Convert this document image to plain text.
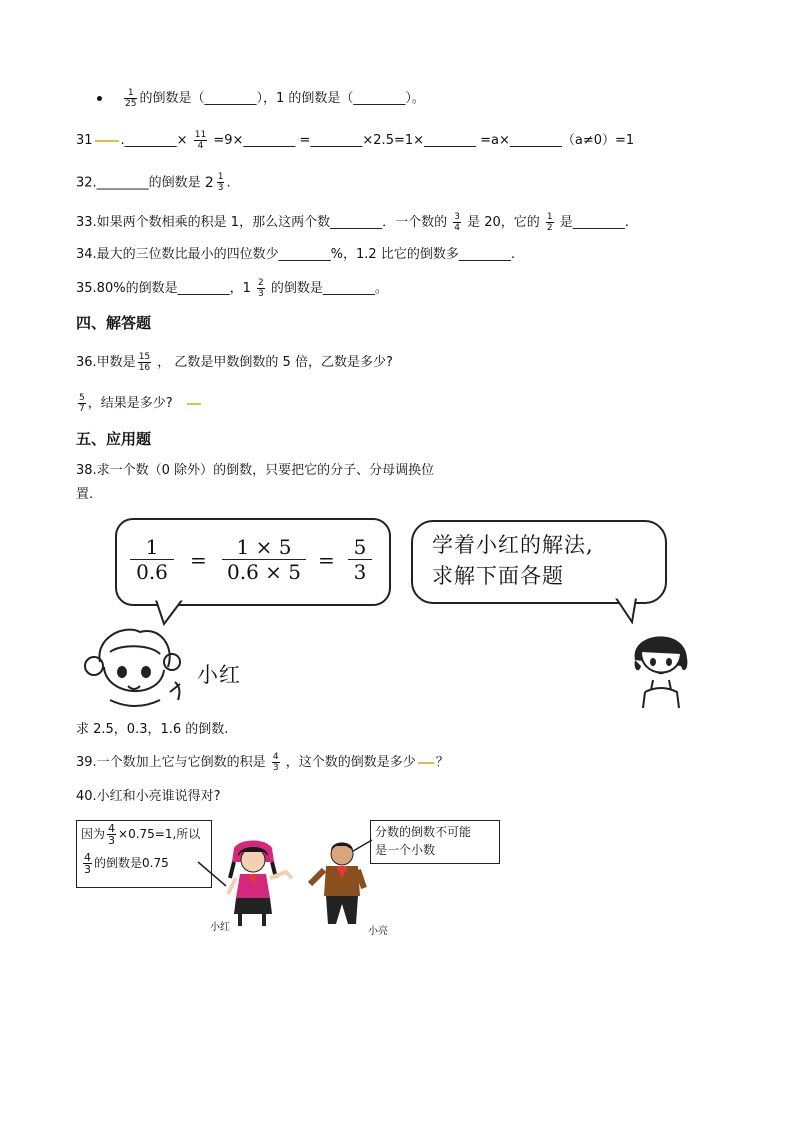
$\frac{1}{25}$ 的倒数是（________），1 的倒数是（________）。
31 .________× $\frac{11}{4}$ =9×________ =________×2.5=1×________ =a×________（a≠0）=1
32.________的倒数是 $2 \frac{1}{3}$ .
33.如果两个数相乘的积是 1，那么这两个数________．一个数的 $\frac{3}{4}$ 是 20，它的 $\frac{1}{2}$ 是________.
34.最大的三位数比最小的四位数少________%，1.2 比它的倒数多________.
35.80%的倒数是________，$1 \frac{2}{3}$ 的倒数是________。
四、解答题
36.甲数是 $\frac{15}{16}$ ， 乙数是甲数倒数的 5 倍，乙数是多少?
$\frac{5}{7}$ ，结果是多少?
五、应用题
38.求一个数（0 除外）的倒数，只要把它的分子、分母调换位
置.
$\frac{1}{0.6} = \frac{1 \times 5}{0.6 \times 5} = \frac{5}{3}$	学着小红的解法,
求解下面各题
小红
求 2.5，0.3，1.6 的倒数.
39.一个数加上它与它倒数的积是 $\frac{4}{3}$ ，这个数的倒数是多少 ？
40.小红和小亮谁说得对?
因为 $\frac{4}{3} \times 0.75=1$,所以
$\frac{4}{3}$ 的倒数是0.75
分数的倒数不可能
是一个小数
小红	小亮
